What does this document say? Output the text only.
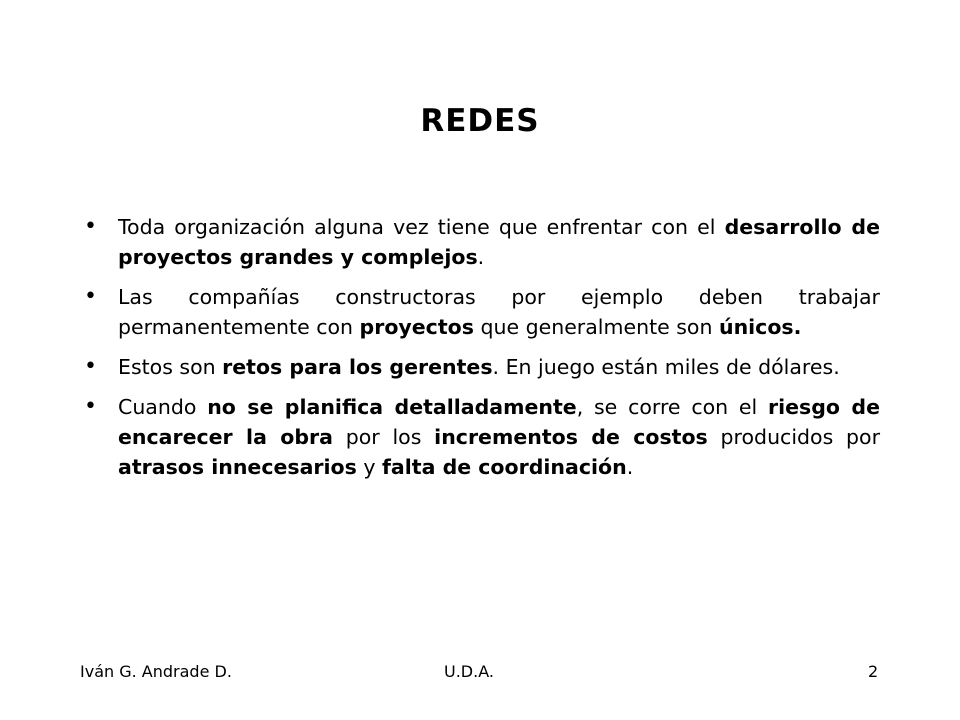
REDES
• Toda organización alguna vez tiene que enfrentar con el desarrollo de proyectos grandes y complejos.
• Las compañías constructoras por ejemplo deben trabajar permanentemente con proyectos que generalmente son únicos.
• Estos son retos para los gerentes. En juego están miles de dólares.
• Cuando no se planifica detalladamente, se corre con el riesgo de encarecer la obra por los incrementos de costos producidos por atrasos innecesarios y falta de coordinación.
Iván G. Andrade D.	U.D.A.	2
